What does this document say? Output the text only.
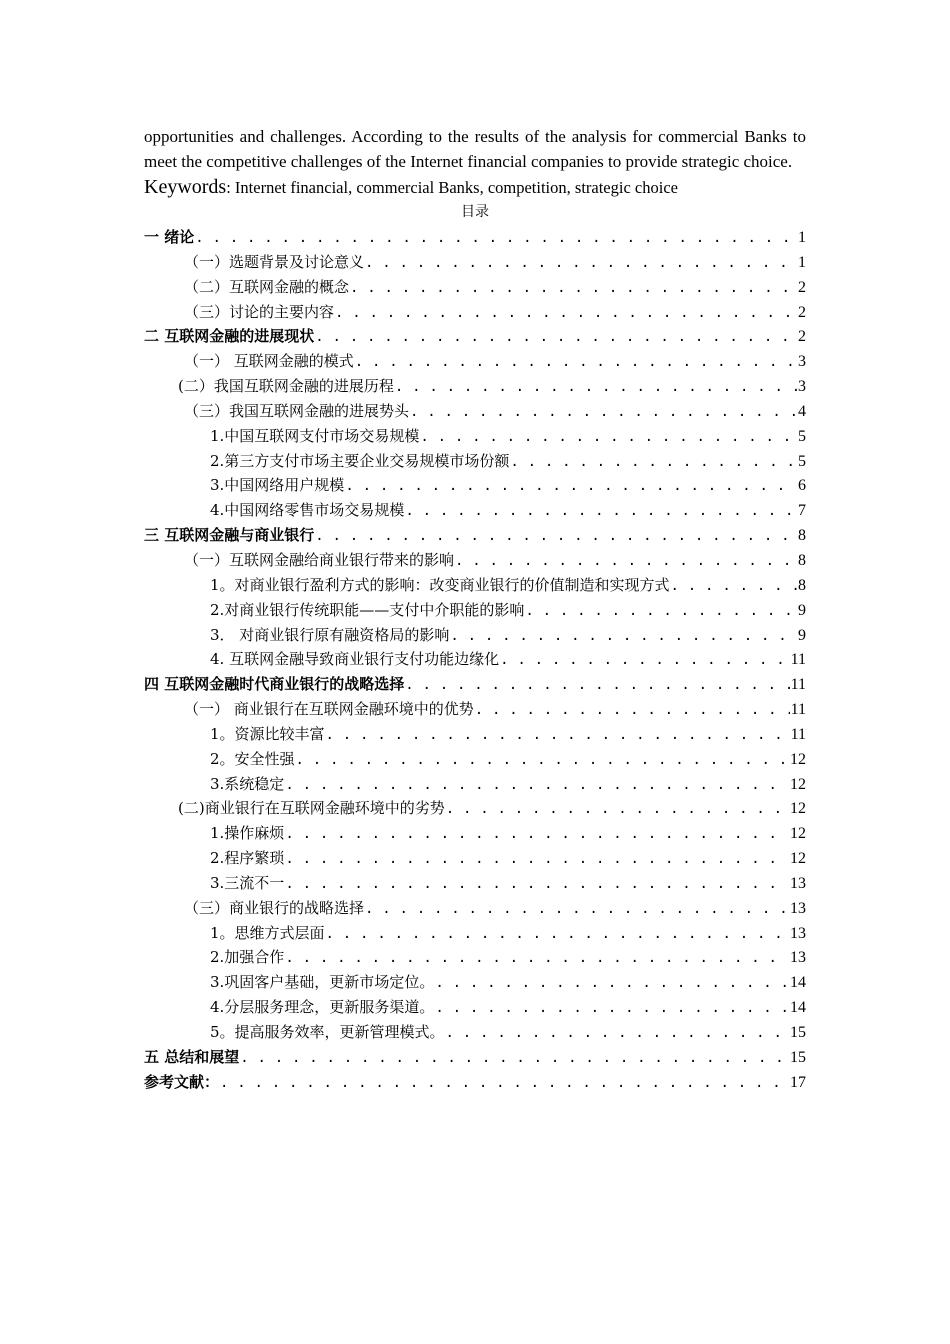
opportunities and challenges. According to the results of the analysis for commercial Banks to meet the competitive challenges of the Internet financial companies to provide strategic choice.

Keywords: Internet financial, commercial Banks, competition, strategic choice

目录

一 绪论 . . .	1
（一）选题背景及讨论意义 . . .	1
（二）互联网金融的概念 . . .	2
（三）讨论的主要内容 . . .	2
二 互联网金融的进展现状 . . .	2
（一） 互联网金融的模式 . . .	3
(二）我国互联网金融的进展历程 . . .	3
（三）我国互联网金融的进展势头 . . .	4
1.中国互联网支付市场交易规模 . . .	5
2.第三方支付市场主要企业交易规模市场份额 . . .	5
3.中国网络用户规模 . . .	6
4.中国网络零售市场交易规模 . . .	7
三 互联网金融与商业银行 . . .	8
（一）互联网金融给商业银行带来的影响 . . .	8
1。对商业银行盈利方式的影响：改变商业银行的价值制造和实现方式 . . .	8
2.对商业银行传统职能——支付中介职能的影响 . . .	9
3． 对商业银行原有融资格局的影响 . . .	9
4. 互联网金融导致商业银行支付功能边缘化 . . .	11
四 互联网金融时代商业银行的战略选择 . . .	11
（一） 商业银行在互联网金融环境中的优势 . . .	11
1。资源比较丰富 . . .	11
2。安全性强 . . .	12
3.系统稳定 . . .	12
(二)商业银行在互联网金融环境中的劣势 . . .	12
1.操作麻烦 . . .	12
2.程序繁琐 . . .	12
3.三流不一 . . .	13
（三）商业银行的战略选择 . . .	13
1。思维方式层面 . . .	13
2.加强合作 . . .	13
3.巩固客户基础，更新市场定位。 . . .	14
4.分层服务理念，更新服务渠道。 . . .	14
5。提高服务效率，更新管理模式。 . . .	15
五 总结和展望 . . .	15
参考文献： . . .	17
